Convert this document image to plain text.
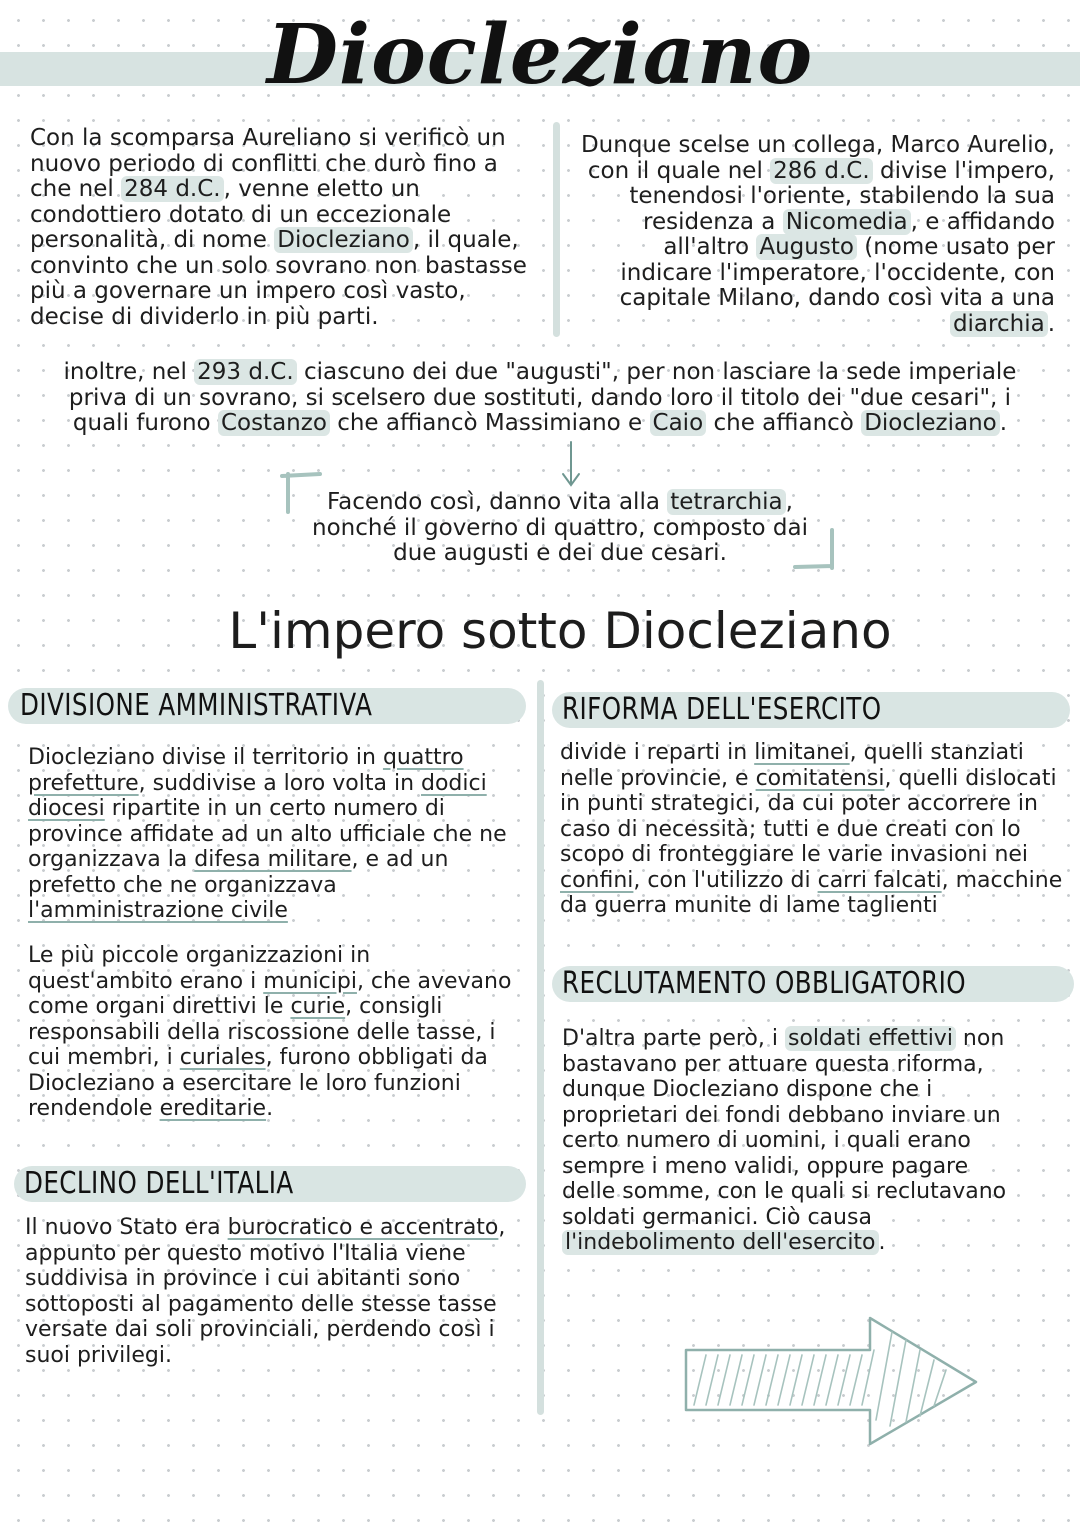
Diocleziano
Con la scomparsa Aureliano si verificò un nuovo periodo di conflitti che durò fino a che nel 284 d.C. , venne eletto un condottiero dotato di un eccezionale personalità, di nome Diocleziano , il quale, convinto che un solo sovrano non bastasse più a governare un impero così vasto, decise di dividerlo in più parti.
Dunque scelse un collega, Marco Aurelio, con il quale nel 286 d.C. divise l'impero, tenendosi l'oriente, stabilendo la sua residenza a Nicomedia , e affidando all'altro Augusto (nome usato per indicare l'imperatore, l'occidente, con capitale Milano, dando così vita a una diarchia .
inoltre, nel 293 d.C. ciascuno dei due "augusti", per non lasciare la sede imperiale priva di un sovrano, si scelsero due sostituti, dando loro il titolo dei "due cesari", i quali furono Costanzo che affiancò Massimiano e Caio che affiancò Diocleziano .
Facendo così, danno vita alla tetrarchia , nonché il governo di quattro, composto dai due augusti e dei due cesari.
L'impero sotto Diocleziano
DIVISIONE AMMINISTRATIVA
Diocleziano divise il territorio in quattro prefetture, suddivise a loro volta in dodici diocesi ripartite in un certo numero di province affidate ad un alto ufficiale che ne organizzava la difesa militare, e ad un prefetto che ne organizzava l'amministrazione civile
Le più piccole organizzazioni in quest'ambito erano i municipi, che avevano come organi direttivi le curie, consigli responsabili della riscossione delle tasse, i cui membri, i curiales, furono obbligati da Diocleziano a esercitare le loro funzioni rendendole ereditarie.
DECLINO DELL'ITALIA
Il nuovo Stato era burocratico e accentrato, appunto per questo motivo l'Italia viene suddivisa in province i cui abitanti sono sottoposti al pagamento delle stesse tasse versate dai soli provinciali, perdendo così i suoi privilegi.
RIFORMA DELL'ESERCITO
divide i reparti in limitanei, quelli stanziati nelle provincie, e comitatensi, quelli dislocati in punti strategici, da cui poter accorrere in caso di necessità; tutti e due creati con lo scopo di fronteggiare le varie invasioni nei confini, con l'utilizzo di carri falcati, macchine da guerra munite di lame taglienti
RECLUTAMENTO OBBLIGATORIO
D'altra parte però, i soldati effettivi non bastavano per attuare questa riforma, dunque Diocleziano dispone che i proprietari dei fondi debbano inviare un certo numero di uomini, i quali erano sempre i meno validi, oppure pagare delle somme, con le quali si reclutavano soldati germanici. Ciò causa l'indebolimento dell'esercito .
